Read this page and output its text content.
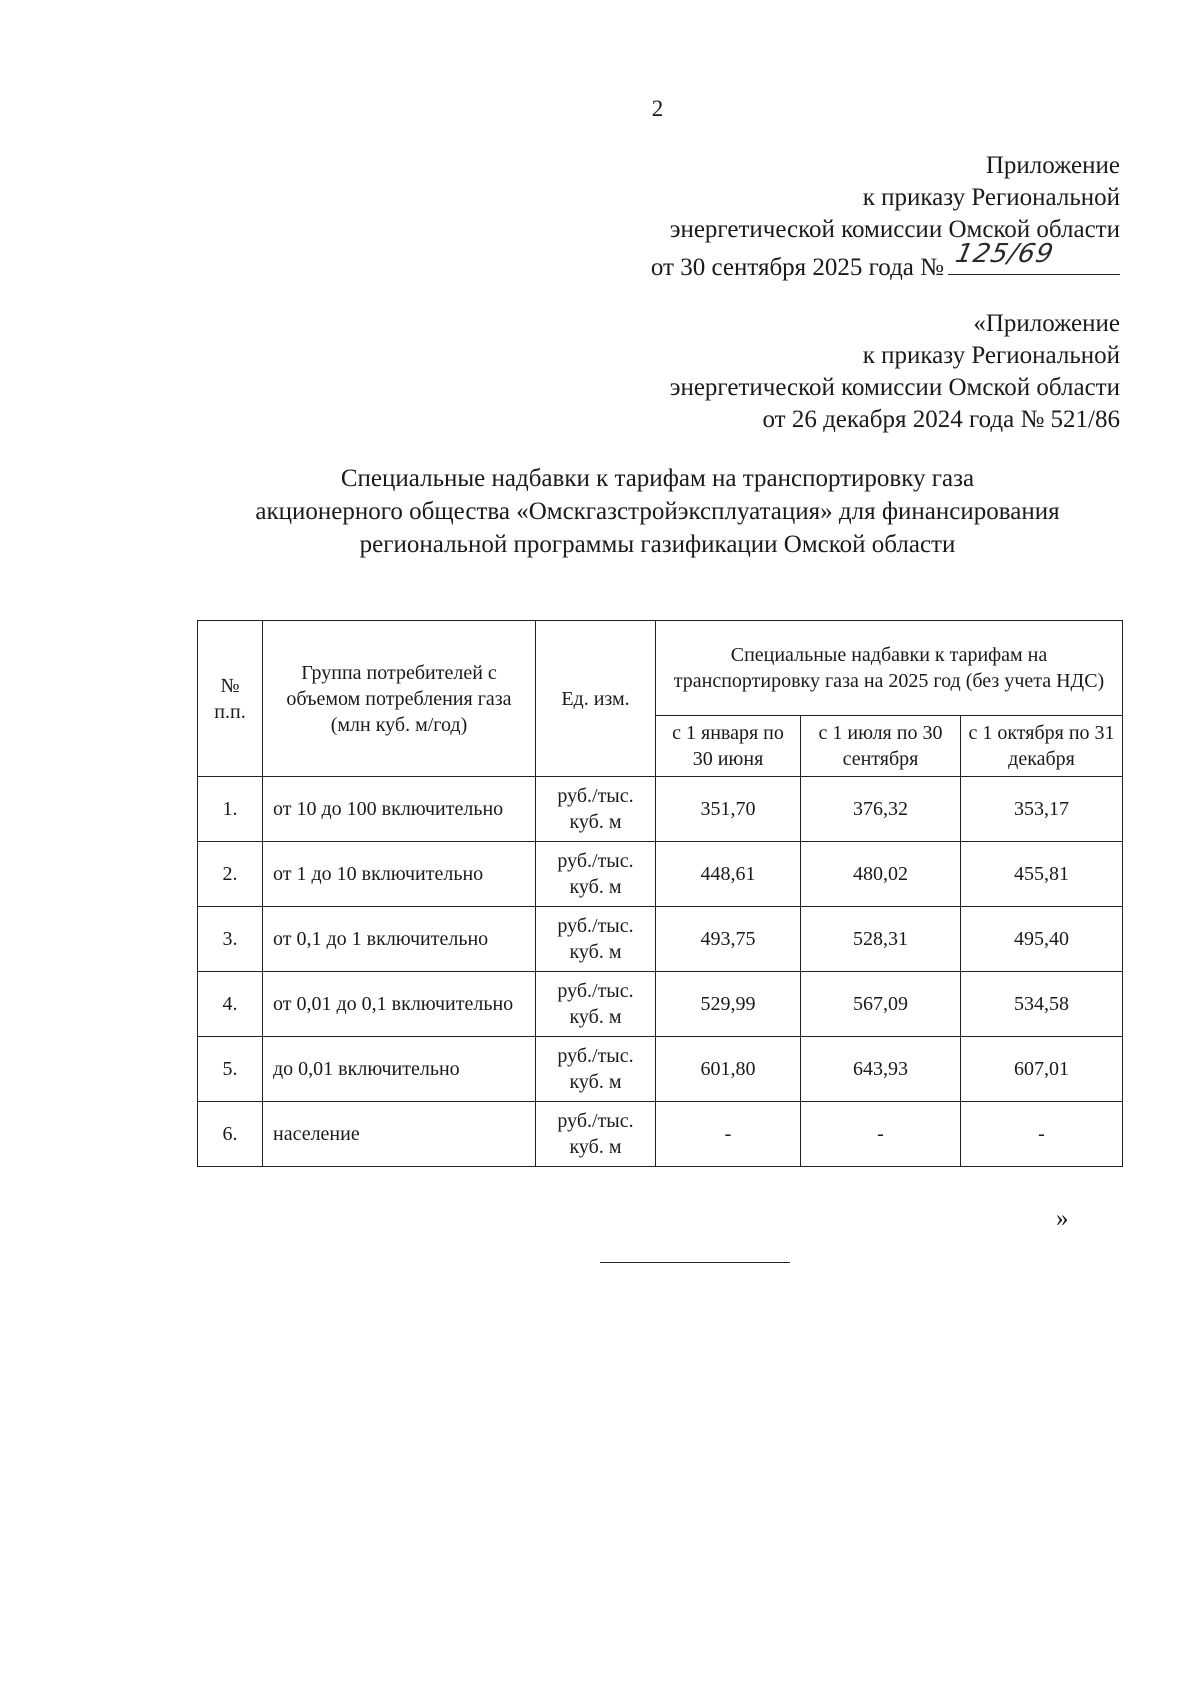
2
Приложение
к приказу Региональной
энергетической комиссии Омской области
от 30 сентября 2025 года № 125/69
«Приложение
к приказу Региональной
энергетической комиссии Омской области
от 26 декабря 2024 года № 521/86
Специальные надбавки к тарифам на транспортировку газа
акционерного общества «Омскгазстройэксплуатация» для финансирования
региональной программы газификации Омской области
№ п.п.	Группа потребителей с объемом потребления газа (млн куб. м/год)	Ед. изм.	Специальные надбавки к тарифам на транспортировку газа на 2025 год (без учета НДС)		
			с 1 января по 30 июня	с 1 июля по 30 сентября	с 1 октября по 31 декабря
1.	от 10 до 100 включительно	руб./тыс. куб. м	351,70	376,32	353,17
2.	от 1 до 10 включительно	руб./тыс. куб. м	448,61	480,02	455,81
3.	от 0,1 до 1 включительно	руб./тыс. куб. м	493,75	528,31	495,40
4.	от 0,01 до 0,1 включительно	руб./тыс. куб. м	529,99	567,09	534,58
5.	до 0,01 включительно	руб./тыс. куб. м	601,80	643,93	607,01
6.	население	руб./тыс. куб. м	-	-	-
»
